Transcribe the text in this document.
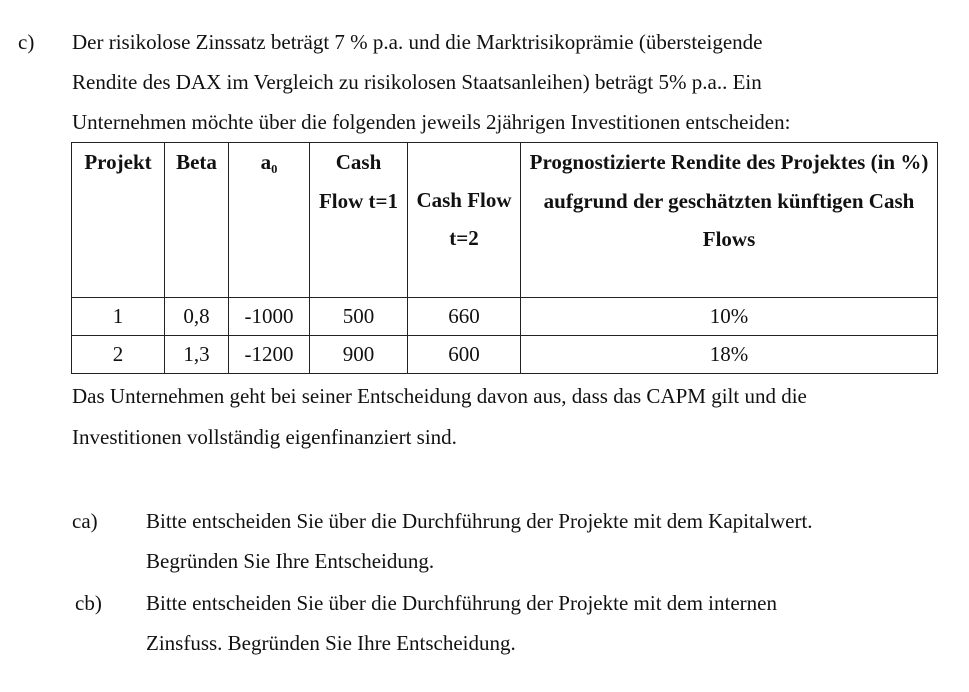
c) Der risikolose Zinssatz beträgt 7 % p.a. und die Marktrisikoprämie (übersteigende
Rendite des DAX im Vergleich zu risikolosen Staatsanleihen) beträgt 5% p.a.. Ein
Unternehmen möchte über die folgenden jeweils 2jährigen Investitionen entscheiden:
Projekt	Beta	a₀	Cash Flow t=1	Cash Flow t=2	Prognostizierte Rendite des Projektes (in %) aufgrund der geschätzten künftigen Cash Flows
1	0,8	-1000	500	660	10%
2	1,3	-1200	900	600	18%
Das Unternehmen geht bei seiner Entscheidung davon aus, dass das CAPM gilt und die
Investitionen vollständig eigenfinanziert sind.
ca) Bitte entscheiden Sie über die Durchführung der Projekte mit dem Kapitalwert.
Begründen Sie Ihre Entscheidung.
cb) Bitte entscheiden Sie über die Durchführung der Projekte mit dem internen
Zinsfuss. Begründen Sie Ihre Entscheidung.
